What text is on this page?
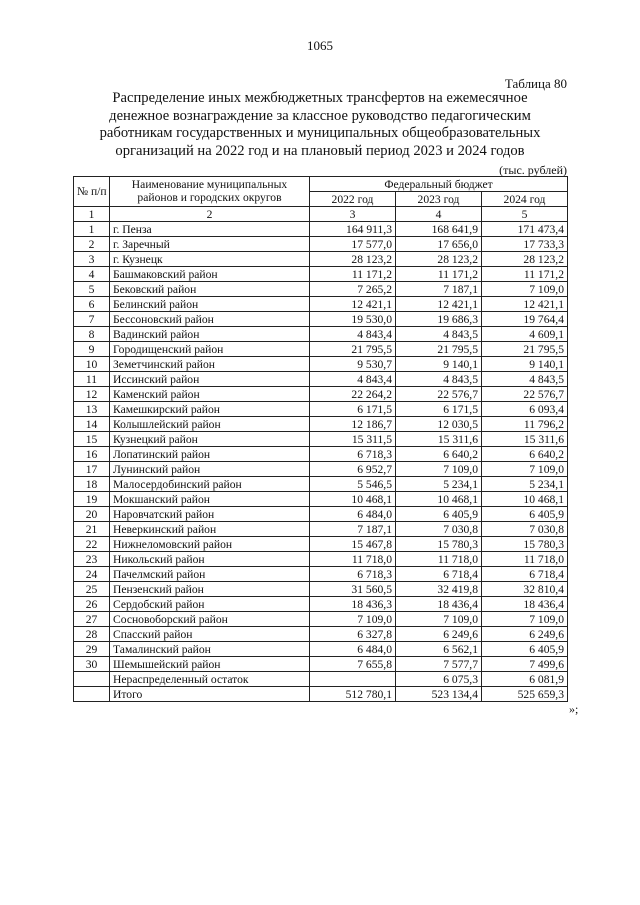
1065
Таблица 80
Распределение иных межбюджетных трансфертов на ежемесячное
денежное вознаграждение за классное руководство педагогическим
работникам государственных и муниципальных общеобразовательных
организаций на 2022 год и на плановый период 2023 и 2024 годов
(тыс. рублей)
№ п/п	Наименование муниципальных районов и городских округов	Федеральный бюджет		
		2022 год	2023 год	2024 год
1	2	3	4	5
1	г. Пенза	164 911,3	168 641,9	171 473,4
2	г. Заречный	17 577,0	17 656,0	17 733,3
3	г. Кузнецк	28 123,2	28 123,2	28 123,2
4	Башмаковский район	11 171,2	11 171,2	11 171,2
5	Бековский район	7 265,2	7 187,1	7 109,0
6	Белинский район	12 421,1	12 421,1	12 421,1
7	Бессоновский район	19 530,0	19 686,3	19 764,4
8	Вадинский район	4 843,4	4 843,5	4 609,1
9	Городищенский район	21 795,5	21 795,5	21 795,5
10	Земетчинский район	9 530,7	9 140,1	9 140,1
11	Иссинский район	4 843,4	4 843,5	4 843,5
12	Каменский район	22 264,2	22 576,7	22 576,7
13	Камешкирский район	6 171,5	6 171,5	6 093,4
14	Колышлейский район	12 186,7	12 030,5	11 796,2
15	Кузнецкий район	15 311,5	15 311,6	15 311,6
16	Лопатинский район	6 718,3	6 640,2	6 640,2
17	Лунинский район	6 952,7	7 109,0	7 109,0
18	Малосердобинский район	5 546,5	5 234,1	5 234,1
19	Мокшанский район	10 468,1	10 468,1	10 468,1
20	Наровчатский район	6 484,0	6 405,9	6 405,9
21	Неверкинский район	7 187,1	7 030,8	7 030,8
22	Нижнеломовский район	15 467,8	15 780,3	15 780,3
23	Никольский район	11 718,0	11 718,0	11 718,0
24	Пачелмский район	6 718,3	6 718,4	6 718,4
25	Пензенский район	31 560,5	32 419,8	32 810,4
26	Сердобский район	18 436,3	18 436,4	18 436,4
27	Сосновоборский район	7 109,0	7 109,0	7 109,0
28	Спасский район	6 327,8	6 249,6	6 249,6
29	Тамалинский район	6 484,0	6 562,1	6 405,9
30	Шемышейский район	7 655,8	7 577,7	7 499,6
	Нераспределенный остаток		6 075,3	6 081,9
	Итого	512 780,1	523 134,4	525 659,3
»;
